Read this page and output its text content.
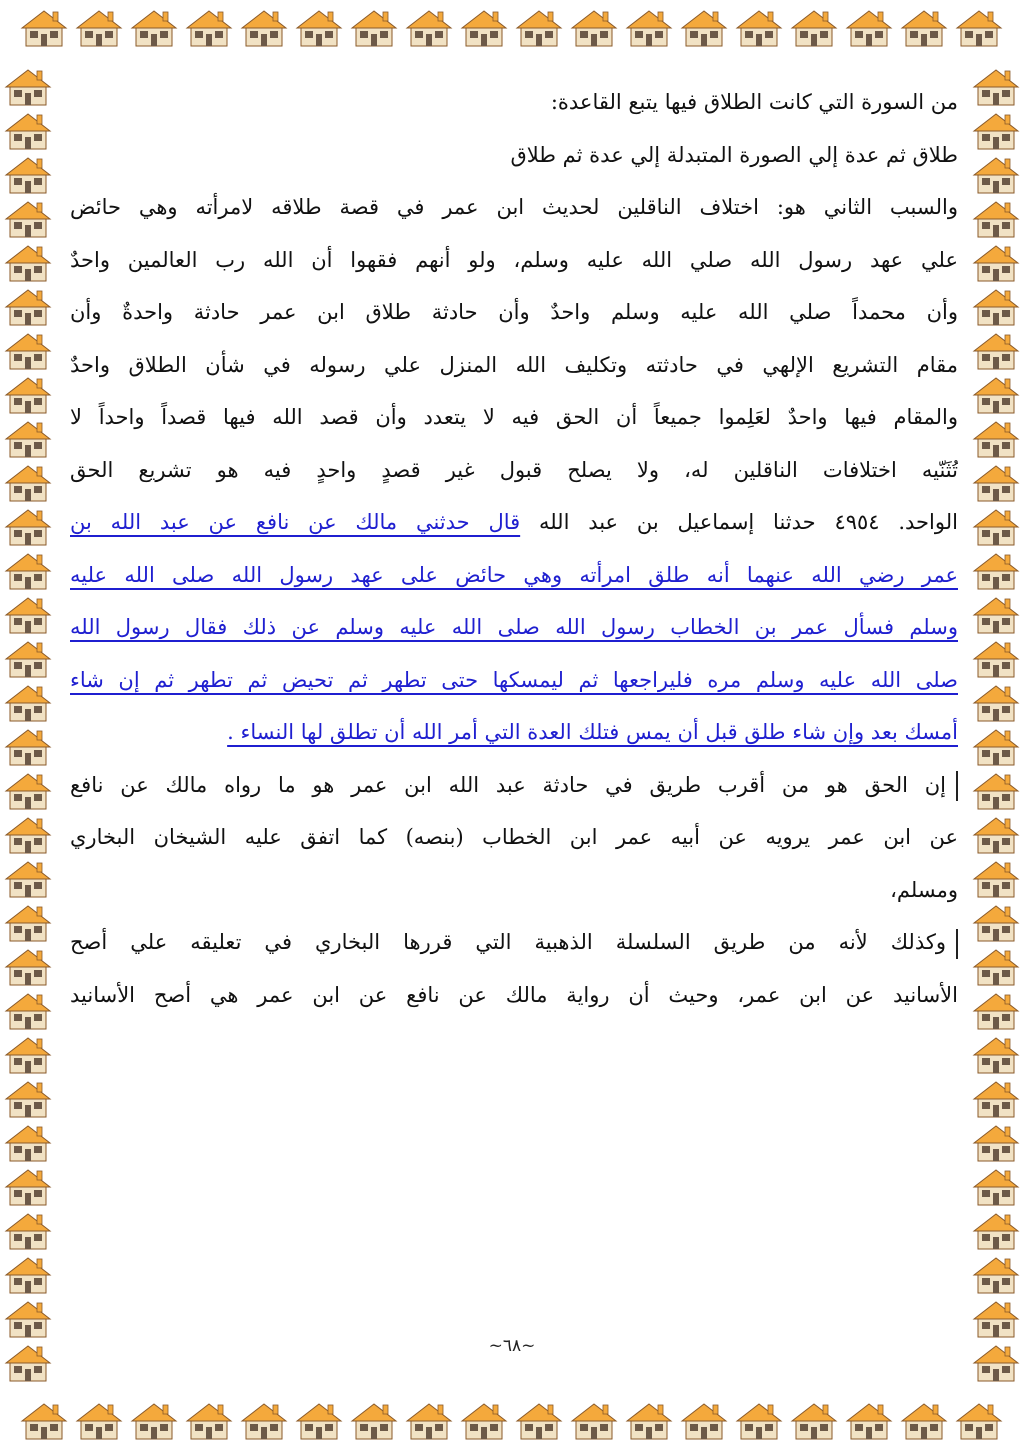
من السورة التي كانت الطلاق فيها يتبع القاعدة:
طلاق ثم عدة إلي الصورة المتبدلة إلي عدة ثم طلاق
والسبب الثاني هو: اختلاف الناقلين لحديث ابن عمر في قصة طلاقه لامرأته وهي حائض
علي عهد رسول الله صلي الله عليه وسلم، ولو أنهم فقهوا أن الله رب العالمين واحدٌ
وأن محمداً صلي الله عليه وسلم واحدٌ وأن حادثة طلاق ابن عمر حادثة واحدةٌ وأن
مقام التشريع الإلهي في حادثته وتكليف الله المنزل علي رسوله في شأن الطلاق واحدٌ
والمقام فيها واحدٌ لعَلِموا جميعاً أن الحق فيه لا يتعدد وأن قصد الله فيها قصداً واحداً لا
تُثَنّيه اختلافات الناقلين له، ولا يصلح قبول غير قصدٍ واحدٍ فيه هو تشريع الحق
الواحد. ٤٩٥٤ حدثنا إسماعيل بن عبد الله قال حدثني مالك عن نافع عن عبد الله بن
عمر رضي الله عنهما أنه طلق امرأته وهي حائض على عهد رسول الله صلى الله عليه
وسلم فسأل عمر بن الخطاب رسول الله صلى الله عليه وسلم عن ذلك فقال رسول الله
صلى الله عليه وسلم مره فليراجعها ثم ليمسكها حتى تطهر ثم تحيض ثم تطهر ثم إن شاء
أمسك بعد وإن شاء طلق قبل أن يمس فتلك العدة التي أمر الله أن تطلق لها النساء .
إن الحق هو من أقرب طريق في حادثة عبد الله ابن عمر هو ما رواه مالك عن نافع
عن ابن عمر يرويه عن أبيه عمر ابن الخطاب (بنصه) كما اتفق عليه الشيخان البخاري
ومسلم،
وكذلك لأنه من طريق السلسلة الذهبية التي قررها البخاري في تعليقه علي أصح
الأسانيد عن ابن عمر، وحيث أن رواية مالك عن نافع عن ابن عمر هي أصح الأسانيد
~٦٨~
